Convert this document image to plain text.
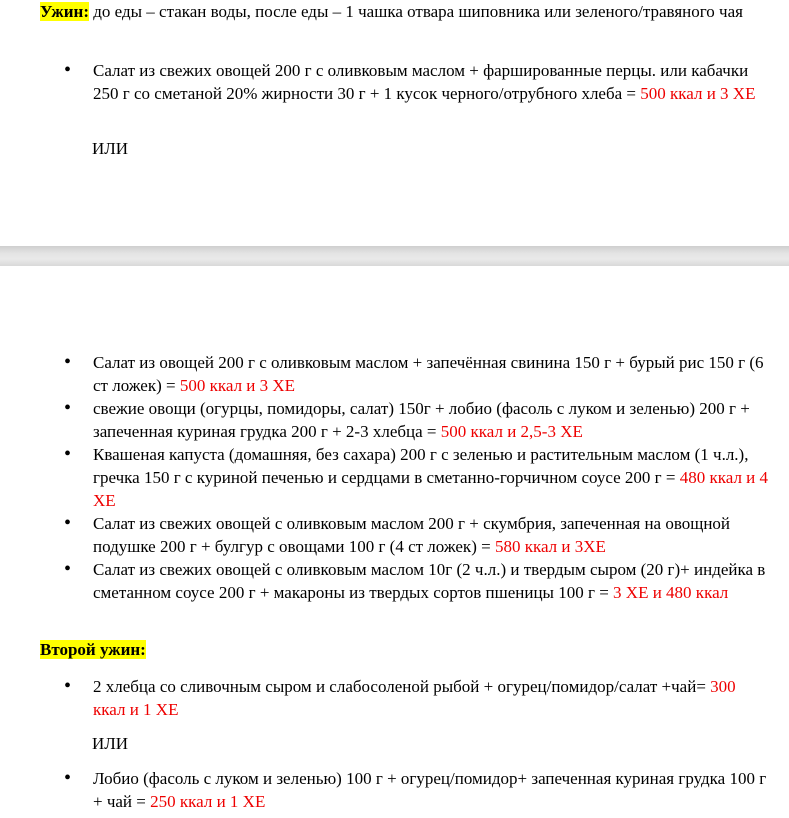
Ужин: до еды – стакан воды, после еды – 1 чашка отвара шиповника или зеленого/травяного чая

• Салат из свежих овощей 200 г с оливковым маслом + фаршированные перцы. или кабачки 250 г со сметаной 20% жирности 30 г + 1 кусок черного/отрубного хлеба = 500 ккал и 3 ХЕ

ИЛИ

• Салат из овощей 200 г с оливковым маслом + запечённая свинина 150 г + бурый рис 150 г (6 ст ложек) = 500 ккал и 3 ХЕ
• свежие овощи (огурцы, помидоры, салат) 150г + лобио (фасоль с луком и зеленью) 200 г + запеченная куриная грудка 200 г + 2-3 хлебца = 500 ккал и 2,5-3 ХЕ
• Квашеная капуста (домашняя, без сахара) 200 г с зеленью и растительным маслом (1 ч.л.), гречка 150 г с куриной печенью и сердцами в сметанно-горчичном соусе 200 г = 480 ккал и 4 ХЕ
• Салат из свежих овощей с оливковым маслом 200 г + скумбрия, запеченная на овощной подушке 200 г + булгур с овощами 100 г (4 ст ложек) = 580 ккал и 3ХЕ
• Салат из свежих овощей с оливковым маслом 10г (2 ч.л.) и твердым сыром (20 г)+ индейка в сметанном соусе 200 г + макароны из твердых сортов пшеницы 100 г = 3 ХЕ и 480 ккал

Второй ужин:

• 2 хлебца со сливочным сыром и слабосоленой рыбой + огурец/помидор/салат +чай= 300 ккал и 1 ХЕ

ИЛИ

• Лобио (фасоль с луком и зеленью) 100 г + огурец/помидор+ запеченная куриная грудка 100 г + чай = 250 ккал и 1 ХЕ
